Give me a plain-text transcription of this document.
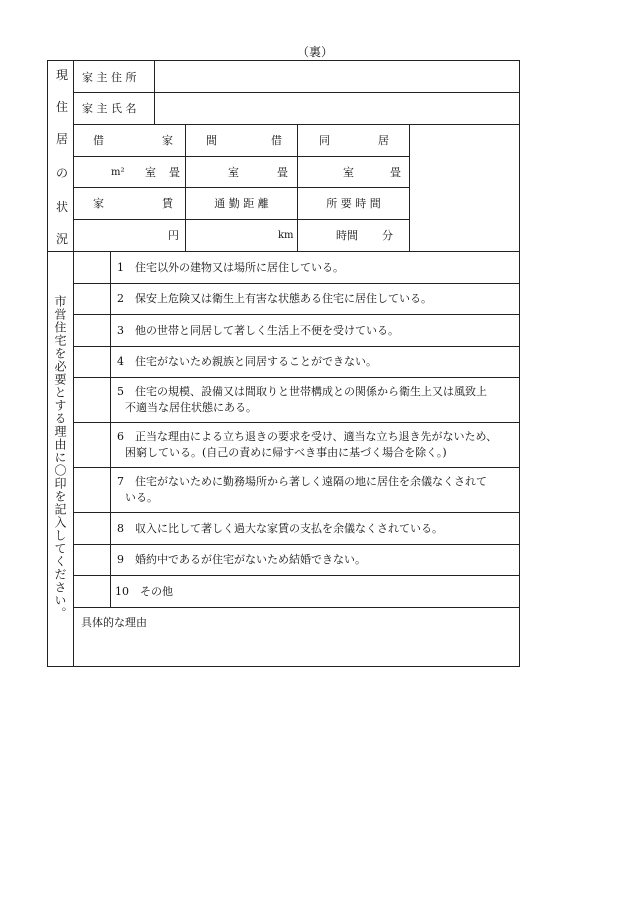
（裏）
現
住
居
の
状
況
家 主 住 所
家 主 氏 名
借	家	間	借	同	居
m² 室 畳	室	畳	室	畳
家	賃	通 勤 距 離	所 要 時 間
円	km	時間 分
市営住宅を必要とする理由に〇印を記入してください。
1　 住宅以外の建物又は場所に居住している。
2　 保安上危険又は衛生上有害な状態ある住宅に居住している。
3　 他の世帯と同居して著しく生活上不便を受けている。
4　 住宅がないため親族と同居することができない。
5　 住宅の規模、設備又は間取りと世帯構成との関係から衛生上又は風致上
不適当な居住状態にある。
6　 正当な理由による立ち退きの要求を受け、適当な立ち退き先がないため、
困窮している。(自己の責めに帰すべき事由に基づく場合を除く。)
7　 住宅がないために勤務場所から著しく遠隔の地に居住を余儀なくされて
いる。
8　 収入に比して著しく過大な家賃の支払を余儀なくされている。
9　 婚約中であるが住宅がないため結婚できない。
10　 その他
具体的な理由
